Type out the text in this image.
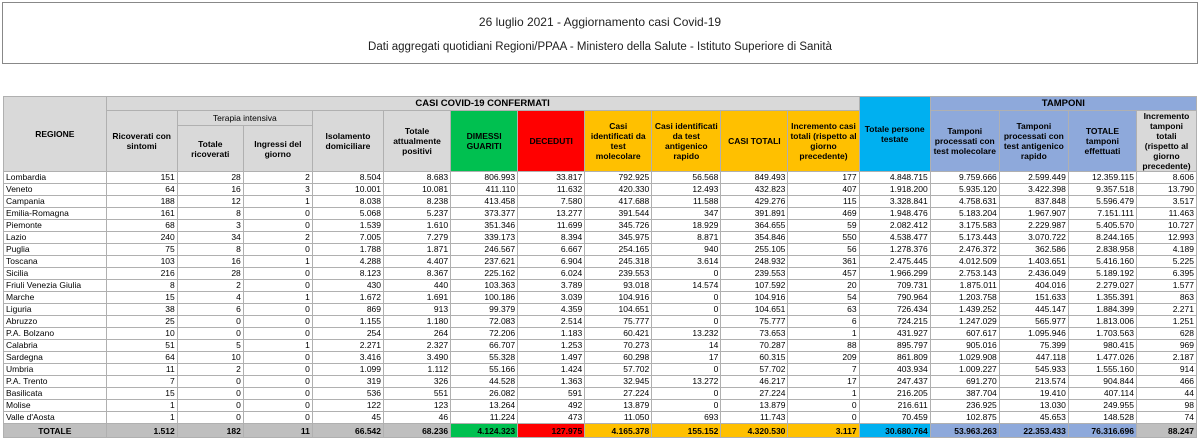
26 luglio 2021 - Aggiornamento casi Covid-19
Dati aggregati quotidiani Regioni/PPAA - Ministero della Salute - Istituto Superiore di Sanità
REGIONE	CASI COVID-19 CONFERMATI											Totale persone testate	TAMPONI			
	Ricoverati con sintomi	Terapia intensiva		Isolamento domiciliare	Totale attualmente positivi	DIMESSI GUARITI	DECEDUTI	Casi identificati da test molecolare	Casi identificati da test antigenico rapido	CASI TOTALI	Incremento casi totali (rispetto al giorno precedente)		Tamponi processati con test molecolare	Tamponi processati con test antigenico rapido	TOTALE tamponi effettuati	Incremento tamponi totali (rispetto al giorno precedente)
		Totale ricoverati	Ingressi del giorno													
Lombardia	151	28	2	8.504	8.683	806.993	33.817	792.925	56.568	849.493	177	4.848.715	9.759.666	2.599.449	12.359.115	8.606
Veneto	64	16	3	10.001	10.081	411.110	11.632	420.330	12.493	432.823	407	1.918.200	5.935.120	3.422.398	9.357.518	13.790
Campania	188	12	1	8.038	8.238	413.458	7.580	417.688	11.588	429.276	115	3.328.841	4.758.631	837.848	5.596.479	3.517
Emilia-Romagna	161	8	0	5.068	5.237	373.377	13.277	391.544	347	391.891	469	1.948.476	5.183.204	1.967.907	7.151.111	11.463
Piemonte	68	3	0	1.539	1.610	351.346	11.699	345.726	18.929	364.655	59	2.082.412	3.175.583	2.229.987	5.405.570	10.727
Lazio	240	34	2	7.005	7.279	339.173	8.394	345.975	8.871	354.846	550	4.538.477	5.173.443	3.070.722	8.244.165	12.993
Puglia	75	8	0	1.788	1.871	246.567	6.667	254.165	940	255.105	56	1.278.376	2.476.372	362.586	2.838.958	4.189
Toscana	103	16	1	4.288	4.407	237.621	6.904	245.318	3.614	248.932	361	2.475.445	4.012.509	1.403.651	5.416.160	5.225
Sicilia	216	28	0	8.123	8.367	225.162	6.024	239.553	0	239.553	457	1.966.299	2.753.143	2.436.049	5.189.192	6.395
Friuli Venezia Giulia	8	2	0	430	440	103.363	3.789	93.018	14.574	107.592	20	709.731	1.875.011	404.016	2.279.027	1.577
Marche	15	4	1	1.672	1.691	100.186	3.039	104.916	0	104.916	54	790.964	1.203.758	151.633	1.355.391	863
Liguria	38	6	0	869	913	99.379	4.359	104.651	0	104.651	63	726.434	1.439.252	445.147	1.884.399	2.271
Abruzzo	25	0	0	1.155	1.180	72.083	2.514	75.777	0	75.777	6	724.215	1.247.029	565.977	1.813.006	1.251
P.A. Bolzano	10	0	0	254	264	72.206	1.183	60.421	13.232	73.653	1	431.927	607.617	1.095.946	1.703.563	628
Calabria	51	5	1	2.271	2.327	66.707	1.253	70.273	14	70.287	88	895.797	905.016	75.399	980.415	969
Sardegna	64	10	0	3.416	3.490	55.328	1.497	60.298	17	60.315	209	861.809	1.029.908	447.118	1.477.026	2.187
Umbria	11	2	0	1.099	1.112	55.166	1.424	57.702	0	57.702	7	403.934	1.009.227	545.933	1.555.160	914
P.A. Trento	7	0	0	319	326	44.528	1.363	32.945	13.272	46.217	17	247.437	691.270	213.574	904.844	466
Basilicata	15	0	0	536	551	26.082	591	27.224	0	27.224	1	216.205	387.704	19.410	407.114	44
Molise	1	0	0	122	123	13.264	492	13.879	0	13.879	0	216.611	236.925	13.030	249.955	98
Valle d'Aosta	1	0	0	45	46	11.224	473	11.050	693	11.743	0	70.459	102.875	45.653	148.528	74
TOTALE	1.512	182	11	66.542	68.236	4.124.323	127.975	4.165.378	155.152	4.320.530	3.117	30.680.764	53.963.263	22.353.433	76.316.696	88.247
